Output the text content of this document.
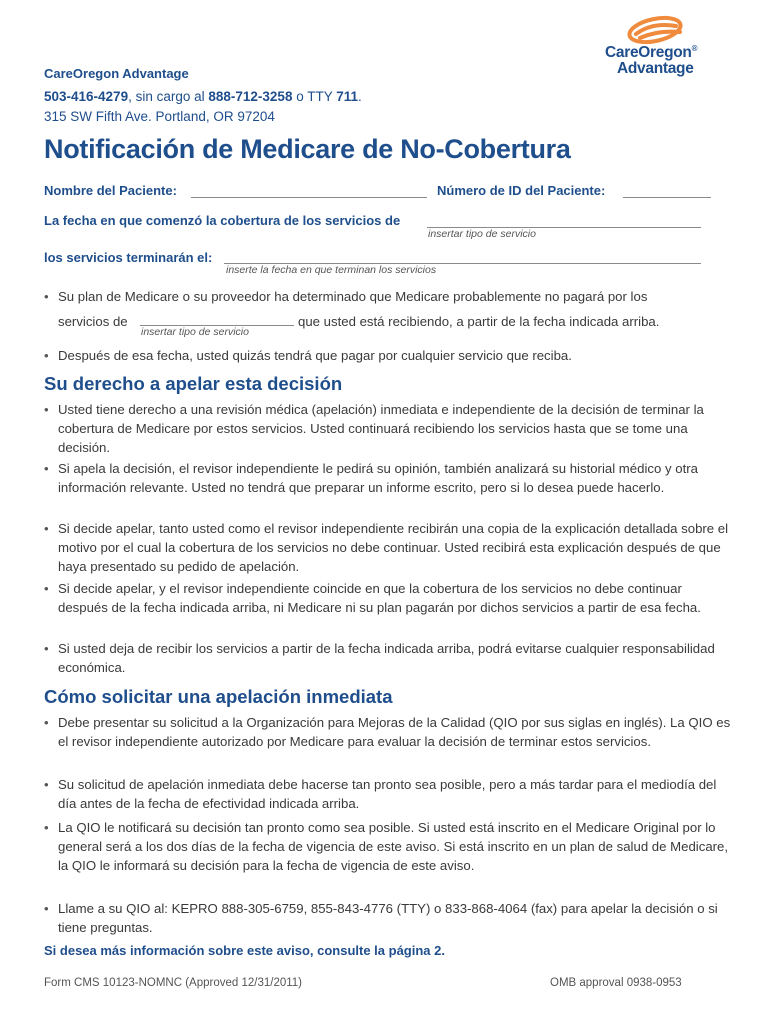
CareOregon Advantage
503-416-4279, sin cargo al 888-712-3258 o TTY 711.
315 SW Fifth Ave. Portland, OR 97204
CareOregon®
Advantage
Notificación de Medicare de No-Cobertura
Nombre del Paciente:	Número de ID del Paciente:
La fecha en que comenzó la cobertura de los servicios de
insertar tipo de servicio
los servicios terminarán el:
inserte la fecha en que terminan los servicios
• Su plan de Medicare o su proveedor ha determinado que Medicare probablemente no pagará por los
servicios de
insertar tipo de servicio
que usted está recibiendo, a partir de la fecha indicada arriba.
• Después de esa fecha, usted quizás tendrá que pagar por cualquier servicio que reciba.
Su derecho a apelar esta decisión
• Usted tiene derecho a una revisión médica (apelación) inmediata e independiente de la decisión de terminar la cobertura de Medicare por estos servicios. Usted continuará recibiendo los servicios hasta que se tome una decisión.
• Si apela la decisión, el revisor independiente le pedirá su opinión, también analizará su historial médico y otra información relevante. Usted no tendrá que preparar un informe escrito, pero si lo desea puede hacerlo.
• Si decide apelar, tanto usted como el revisor independiente recibirán una copia de la explicación detallada sobre el motivo por el cual la cobertura de los servicios no debe continuar. Usted recibirá esta explicación después de que haya presentado su pedido de apelación.
• Si decide apelar, y el revisor independiente coincide en que la cobertura de los servicios no debe continuar después de la fecha indicada arriba, ni Medicare ni su plan pagarán por dichos servicios a partir de esa fecha.
• Si usted deja de recibir los servicios a partir de la fecha indicada arriba, podrá evitarse cualquier responsabilidad económica.
Cómo solicitar una apelación inmediata
• Debe presentar su solicitud a la Organización para Mejoras de la Calidad (QIO por sus siglas en inglés). La QIO es el revisor independiente autorizado por Medicare para evaluar la decisión de terminar estos servicios.
• Su solicitud de apelación inmediata debe hacerse tan pronto sea posible, pero a más tardar para el mediodía del día antes de la fecha de efectividad indicada arriba.
• La QIO le notificará su decisión tan pronto como sea posible. Si usted está inscrito en el Medicare Original por lo general será a los dos días de la fecha de vigencia de este aviso. Si está inscrito en un plan de salud de Medicare, la QIO le informará su decisión para la fecha de vigencia de este aviso.
• Llame a su QIO al: KEPRO 888-305-6759, 855-843-4776 (TTY) o 833-868-4064 (fax) para apelar la decisión o si tiene preguntas.
Si desea más información sobre este aviso, consulte la página 2.
Form CMS 10123-NOMNC (Approved 12/31/2011)	OMB approval 0938-0953
